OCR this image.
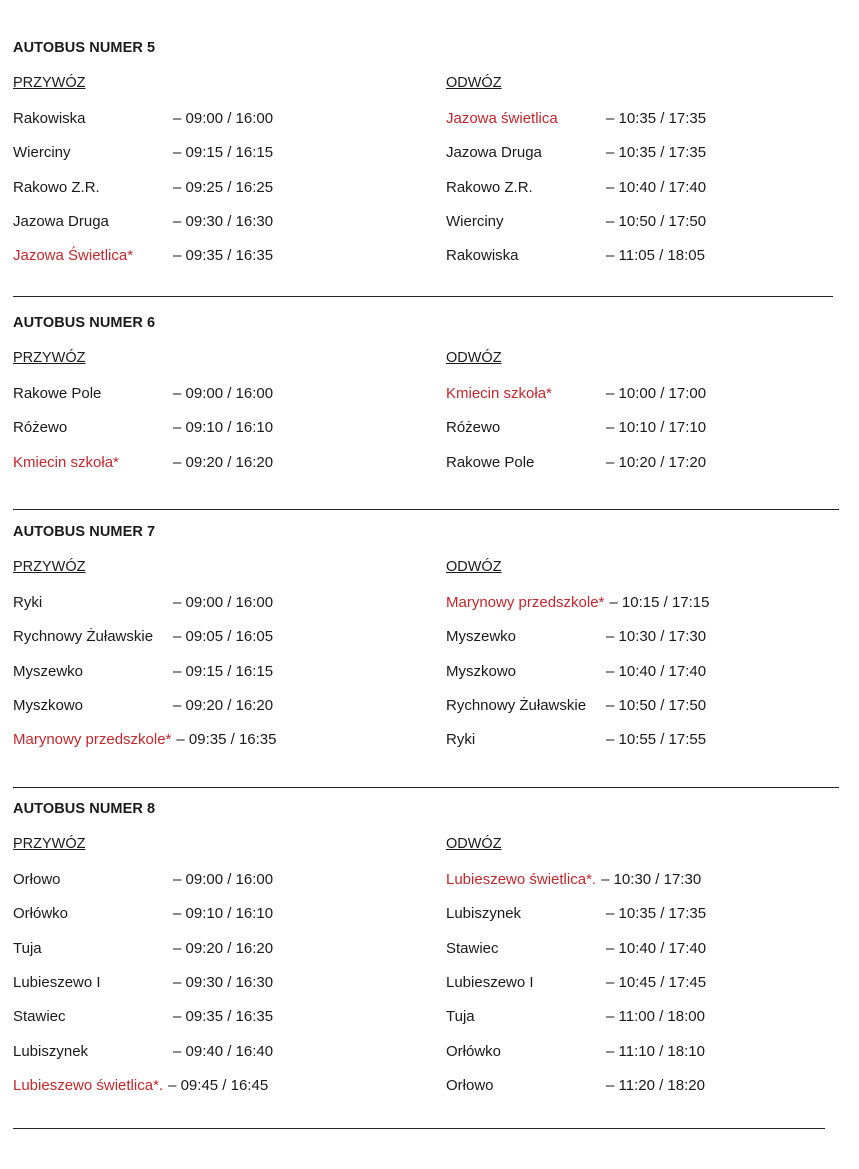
AUTOBUS NUMER 5
PRZYWÓZ	ODWÓZ
Rakowiska	– 09:00 / 16:00
Wierciny	– 09:15 / 16:15
Rakowo Z.R.	– 09:25 / 16:25
Jazowa Druga	– 09:30 / 16:30
Jazowa Świetlica*	– 09:35 / 16:35
Jazowa świetlica	– 10:35 / 17:35
Jazowa Druga	– 10:35 / 17:35
Rakowo Z.R.	– 10:40 / 17:40
Wierciny	– 10:50 / 17:50
Rakowiska	– 11:05 / 18:05
AUTOBUS NUMER 6
PRZYWÓZ	ODWÓZ
Rakowe Pole	– 09:00 / 16:00
Różewo	– 09:10 / 16:10
Kmiecin szkoła*	– 09:20 / 16:20
Kmiecin szkoła*	– 10:00 / 17:00
Różewo	– 10:10 / 17:10
Rakowe Pole	– 10:20 / 17:20
AUTOBUS NUMER 7
PRZYWÓZ	ODWÓZ
Ryki	– 09:00 / 16:00
Rychnowy Żuławskie – 09:05 / 16:05
Myszewko	– 09:15 / 16:15
Myszkowo	– 09:20 / 16:20
Marynowy przedszkole* – 09:35 / 16:35
Marynowy przedszkole* – 10:15 / 17:15
Myszewko	– 10:30 / 17:30
Myszkowo	– 10:40 / 17:40
Rychnowy Żuławskie – 10:50 / 17:50
Ryki	– 10:55 / 17:55
AUTOBUS NUMER 8
PRZYWÓZ	ODWÓZ
Orłowo	– 09:00 / 16:00
Orłówko	– 09:10 / 16:10
Tuja	– 09:20 / 16:20
Lubieszewo I	– 09:30 / 16:30
Stawiec	– 09:35 / 16:35
Lubiszynek	– 09:40 / 16:40
Lubieszewo świetlica*. – 09:45 / 16:45
Lubieszewo świetlica*. – 10:30 / 17:30
Lubiszynek	– 10:35 / 17:35
Stawiec	– 10:40 / 17:40
Lubieszewo I	– 10:45 / 17:45
Tuja	– 11:00 / 18:00
Orłówko	– 11:10 / 18:10
Orłowo	– 11:20 / 18:20
